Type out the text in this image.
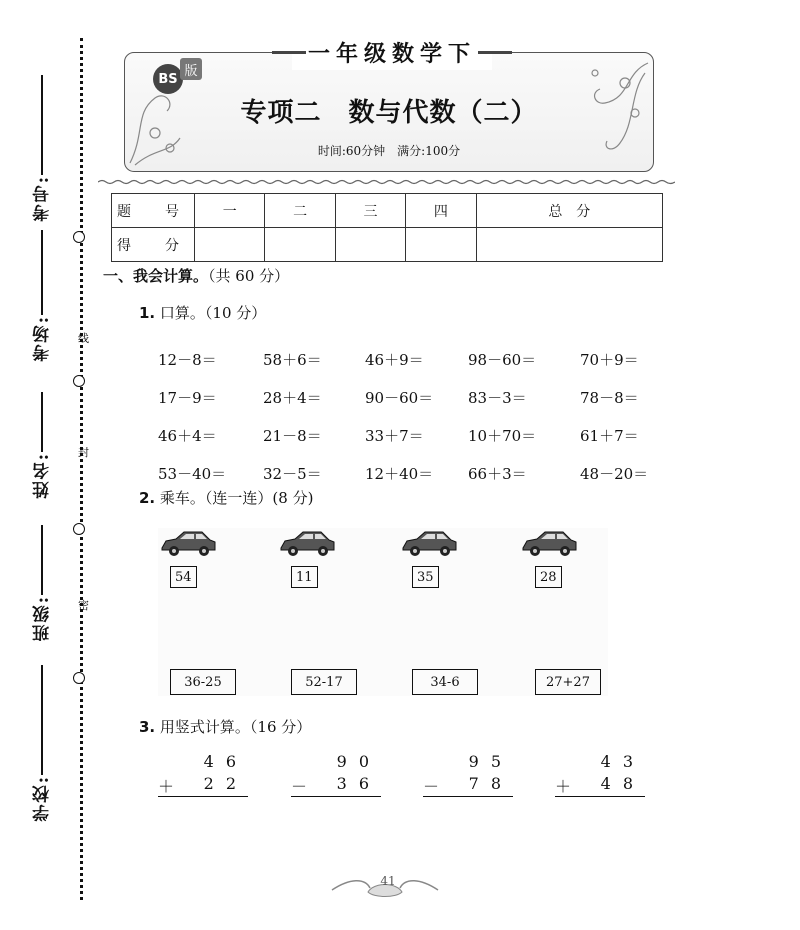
考号:
考场:
姓名:
班级:
学校:
线
封
密
一年级数学下
BS
版
专项二　数与代数（二）
时间:60分钟　满分:100分
题　号	一	二	三	四	总　分
得　分					
一、我会计算。（共 60 分）
1. 口算。（10 分）
12－8＝	58＋6＝	46＋9＝	98－60＝	70＋9＝
17－9＝	28＋4＝	90－60＝	83－3＝	78－8＝
46＋4＝	21－8＝	33＋7＝	10＋70＝	61＋7＝
53－40＝	32－5＝	12＋40＝	66＋3＝	48－20＝
2. 乘车。（连一连）(8 分)
54	11	35	28
36-25	52-17	34-6	27+27
3. 用竖式计算。（16 分）
46
＋ 22
90
－ 36
95
－ 78
43
＋ 48
41
